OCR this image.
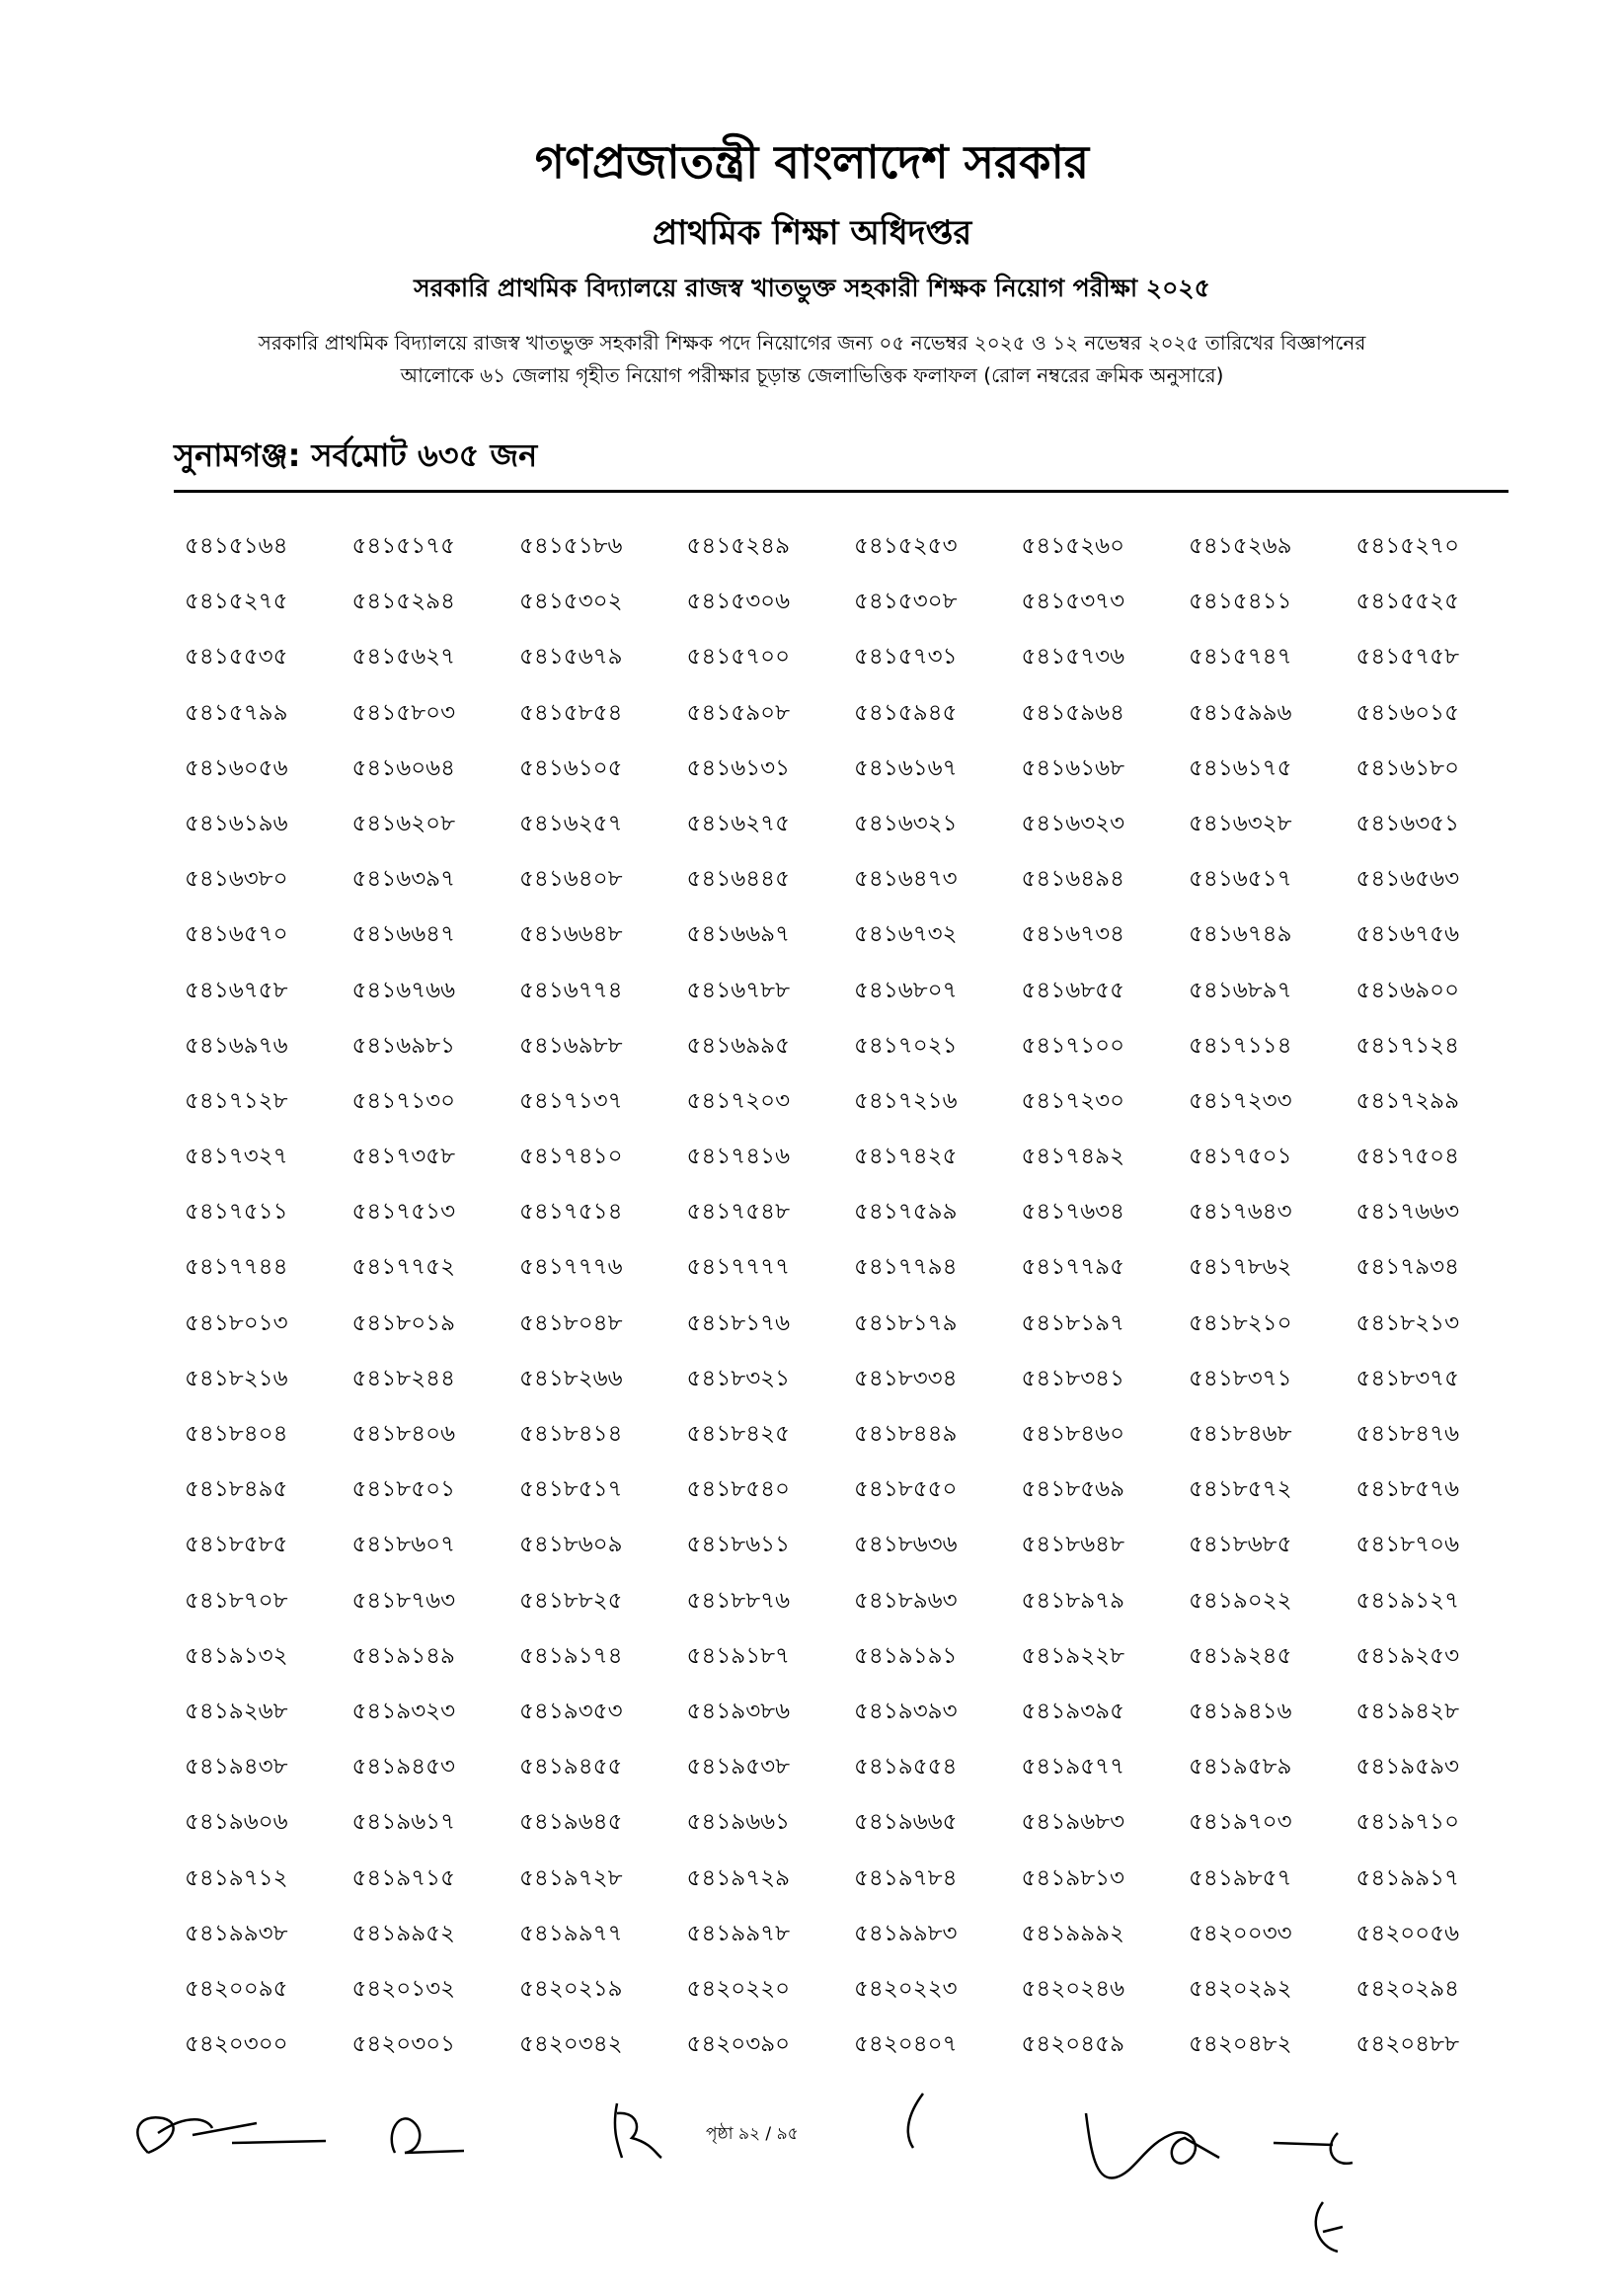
গণপ্রজাতন্ত্রী বাংলাদেশ সরকার
প্রাথমিক শিক্ষা অধিদপ্তর
সরকারি প্রাথমিক বিদ্যালয়ে রাজস্ব খাতভুক্ত সহকারী শিক্ষক নিয়োগ পরীক্ষা ২০২৫
সরকারি প্রাথমিক বিদ্যালয়ে রাজস্ব খাতভুক্ত সহকারী শিক্ষক পদে নিয়োগের জন্য ০৫ নভেম্বর ২০২৫ ও ১২ নভেম্বর ২০২৫ তারিখের বিজ্ঞাপনের
আলোকে ৬১ জেলায় গৃহীত নিয়োগ পরীক্ষার চূড়ান্ত জেলাভিত্তিক ফলাফল (রোল নম্বরের ক্রমিক অনুসারে)
সুনামগঞ্জ: সর্বমোট ৬৩৫ জন
৫৪১৫১৬৪	৫৪১৫১৭৫	৫৪১৫১৮৬	৫৪১৫২৪৯	৫৪১৫২৫৩	৫৪১৫২৬০	৫৪১৫২৬৯	৫৪১৫২৭০
৫৪১৫২৭৫	৫৪১৫২৯৪	৫৪১৫৩০২	৫৪১৫৩০৬	৫৪১৫৩০৮	৫৪১৫৩৭৩	৫৪১৫৪১১	৫৪১৫৫২৫
৫৪১৫৫৩৫	৫৪১৫৬২৭	৫৪১৫৬৭৯	৫৪১৫৭০০	৫৪১৫৭৩১	৫৪১৫৭৩৬	৫৪১৫৭৪৭	৫৪১৫৭৫৮
৫৪১৫৭৯৯	৫৪১৫৮০৩	৫৪১৫৮৫৪	৫৪১৫৯০৮	৫৪১৫৯৪৫	৫৪১৫৯৬৪	৫৪১৫৯৯৬	৫৪১৬০১৫
৫৪১৬০৫৬	৫৪১৬০৬৪	৫৪১৬১০৫	৫৪১৬১৩১	৫৪১৬১৬৭	৫৪১৬১৬৮	৫৪১৬১৭৫	৫৪১৬১৮০
৫৪১৬১৯৬	৫৪১৬২০৮	৫৪১৬২৫৭	৫৪১৬২৭৫	৫৪১৬৩২১	৫৪১৬৩২৩	৫৪১৬৩২৮	৫৪১৬৩৫১
৫৪১৬৩৮০	৫৪১৬৩৯৭	৫৪১৬৪০৮	৫৪১৬৪৪৫	৫৪১৬৪৭৩	৫৪১৬৪৯৪	৫৪১৬৫১৭	৫৪১৬৫৬৩
৫৪১৬৫৭০	৫৪১৬৬৪৭	৫৪১৬৬৪৮	৫৪১৬৬৯৭	৫৪১৬৭৩২	৫৪১৬৭৩৪	৫৪১৬৭৪৯	৫৪১৬৭৫৬
৫৪১৬৭৫৮	৫৪১৬৭৬৬	৫৪১৬৭৭৪	৫৪১৬৭৮৮	৫৪১৬৮০৭	৫৪১৬৮৫৫	৫৪১৬৮৯৭	৫৪১৬৯০০
৫৪১৬৯৭৬	৫৪১৬৯৮১	৫৪১৬৯৮৮	৫৪১৬৯৯৫	৫৪১৭০২১	৫৪১৭১০০	৫৪১৭১১৪	৫৪১৭১২৪
৫৪১৭১২৮	৫৪১৭১৩০	৫৪১৭১৩৭	৫৪১৭২০৩	৫৪১৭২১৬	৫৪১৭২৩০	৫৪১৭২৩৩	৫৪১৭২৯৯
৫৪১৭৩২৭	৫৪১৭৩৫৮	৫৪১৭৪১০	৫৪১৭৪১৬	৫৪১৭৪২৫	৫৪১৭৪৯২	৫৪১৭৫০১	৫৪১৭৫০৪
৫৪১৭৫১১	৫৪১৭৫১৩	৫৪১৭৫১৪	৫৪১৭৫৪৮	৫৪১৭৫৯৯	৫৪১৭৬৩৪	৫৪১৭৬৪৩	৫৪১৭৬৬৩
৫৪১৭৭৪৪	৫৪১৭৭৫২	৫৪১৭৭৭৬	৫৪১৭৭৭৭	৫৪১৭৭৯৪	৫৪১৭৭৯৫	৫৪১৭৮৬২	৫৪১৭৯৩৪
৫৪১৮০১৩	৫৪১৮০১৯	৫৪১৮০৪৮	৫৪১৮১৭৬	৫৪১৮১৭৯	৫৪১৮১৯৭	৫৪১৮২১০	৫৪১৮২১৩
৫৪১৮২১৬	৫৪১৮২৪৪	৫৪১৮২৬৬	৫৪১৮৩২১	৫৪১৮৩৩৪	৫৪১৮৩৪১	৫৪১৮৩৭১	৫৪১৮৩৭৫
৫৪১৮৪০৪	৫৪১৮৪০৬	৫৪১৮৪১৪	৫৪১৮৪২৫	৫৪১৮৪৪৯	৫৪১৮৪৬০	৫৪১৮৪৬৮	৫৪১৮৪৭৬
৫৪১৮৪৯৫	৫৪১৮৫০১	৫৪১৮৫১৭	৫৪১৮৫৪০	৫৪১৮৫৫০	৫৪১৮৫৬৯	৫৪১৮৫৭২	৫৪১৮৫৭৬
৫৪১৮৫৮৫	৫৪১৮৬০৭	৫৪১৮৬০৯	৫৪১৮৬১১	৫৪১৮৬৩৬	৫৪১৮৬৪৮	৫৪১৮৬৮৫	৫৪১৮৭০৬
৫৪১৮৭০৮	৫৪১৮৭৬৩	৫৪১৮৮২৫	৫৪১৮৮৭৬	৫৪১৮৯৬৩	৫৪১৮৯৭৯	৫৪১৯০২২	৫৪১৯১২৭
৫৪১৯১৩২	৫৪১৯১৪৯	৫৪১৯১৭৪	৫৪১৯১৮৭	৫৪১৯১৯১	৫৪১৯২২৮	৫৪১৯২৪৫	৫৪১৯২৫৩
৫৪১৯২৬৮	৫৪১৯৩২৩	৫৪১৯৩৫৩	৫৪১৯৩৮৬	৫৪১৯৩৯৩	৫৪১৯৩৯৫	৫৪১৯৪১৬	৫৪১৯৪২৮
৫৪১৯৪৩৮	৫৪১৯৪৫৩	৫৪১৯৪৫৫	৫৪১৯৫৩৮	৫৪১৯৫৫৪	৫৪১৯৫৭৭	৫৪১৯৫৮৯	৫৪১৯৫৯৩
৫৪১৯৬০৬	৫৪১৯৬১৭	৫৪১৯৬৪৫	৫৪১৯৬৬১	৫৪১৯৬৬৫	৫৪১৯৬৮৩	৫৪১৯৭০৩	৫৪১৯৭১০
৫৪১৯৭১২	৫৪১৯৭১৫	৫৪১৯৭২৮	৫৪১৯৭২৯	৫৪১৯৭৮৪	৫৪১৯৮১৩	৫৪১৯৮৫৭	৫৪১৯৯১৭
৫৪১৯৯৩৮	৫৪১৯৯৫২	৫৪১৯৯৭৭	৫৪১৯৯৭৮	৫৪১৯৯৮৩	৫৪১৯৯৯২	৫৪২০০৩৩	৫৪২০০৫৬
৫৪২০০৯৫	৫৪২০১৩২	৫৪২০২১৯	৫৪২০২২০	৫৪২০২২৩	৫৪২০২৪৬	৫৪২০২৯২	৫৪২০২৯৪
৫৪২০৩০০	৫৪২০৩০১	৫৪২০৩৪২	৫৪২০৩৯০	৫৪২০৪০৭	৫৪২০৪৫৯	৫৪২০৪৮২	৫৪২০৪৮৮
পৃষ্ঠা ৯২ / ৯৫
